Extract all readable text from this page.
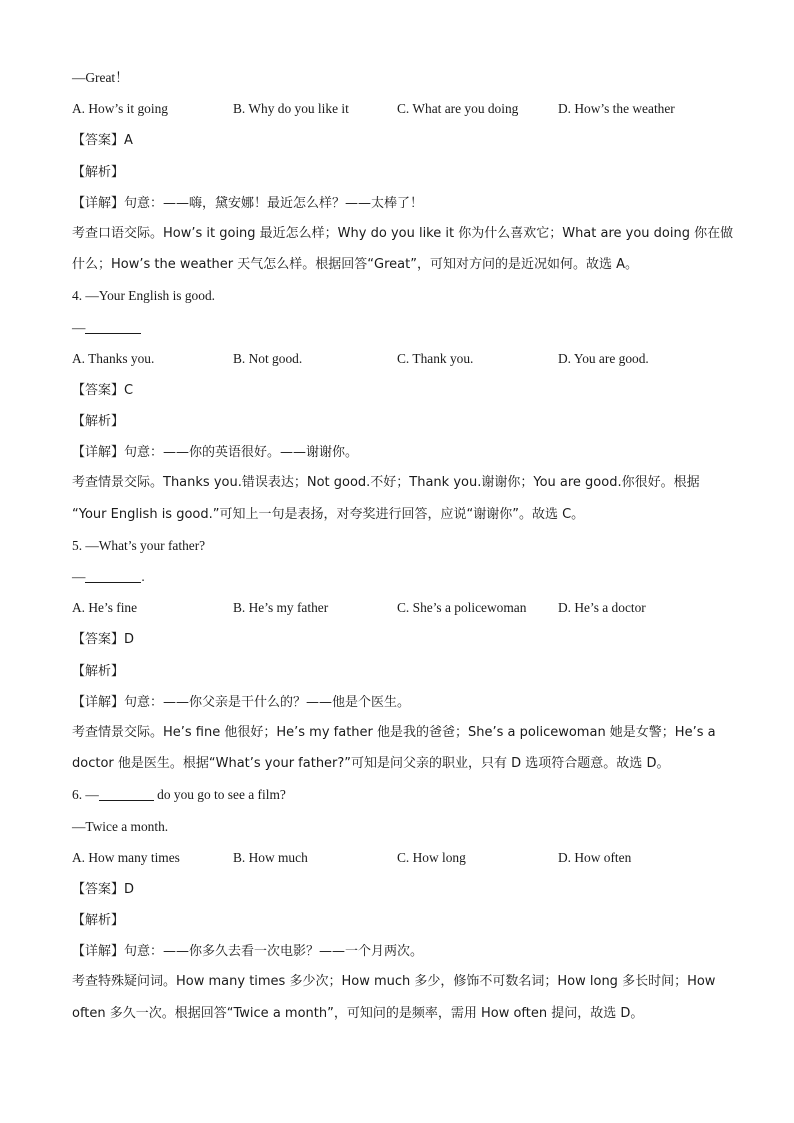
—Great！
A. How’s it going	B. Why do you like it	C. What are you doing	D. How’s the weather
【答案】A
【解析】
【详解】句意：——嗨，黛安娜！最近怎么样？——太棒了！
考查口语交际。How’s it going 最近怎么样；Why do you like it 你为什么喜欢它；What are you doing 你在做
什么；How’s the weather 天气怎么样。根据回答“Great”，可知对方问的是近况如何。故选 A。
4. —Your English is good.
—
A. Thanks you.	B. Not good.	C. Thank you.	D. You are good.
【答案】C
【解析】
【详解】句意：——你的英语很好。——谢谢你。
考查情景交际。Thanks you.错误表达；Not good.不好；Thank you.谢谢你；You are good.你很好。根据
“Your English is good.”可知上一句是表扬，对夸奖进行回答，应说“谢谢你”。故选 C。
5. —What’s your father?
—	.
A. He’s fine	B. He’s my father	C. She’s a policewoman	D. He’s a doctor
【答案】D
【解析】
【详解】句意：——你父亲是干什么的？——他是个医生。
考查情景交际。He’s fine 他很好；He’s my father 他是我的爸爸；She’s a policewoman 她是女警；He’s a
doctor 他是医生。根据“What’s your father?”可知是问父亲的职业，只有 D 选项符合题意。故选 D。
6. —	do you go to see a film?
—Twice a month.
A. How many times	B. How much	C. How long	D. How often
【答案】D
【解析】
【详解】句意：——你多久去看一次电影？——一个月两次。
考查特殊疑问词。How many times 多少次；How much 多少，修饰不可数名词；How long 多长时间；How
often 多久一次。根据回答“Twice a month”，可知问的是频率，需用 How often 提问，故选 D。
